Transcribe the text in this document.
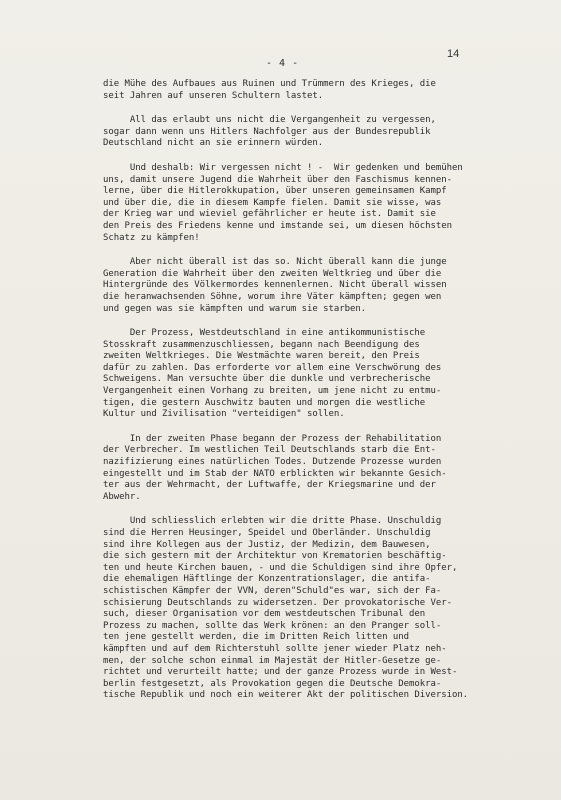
14
- 4 -
die Mühe des Aufbaues aus Ruinen und Trümmern des Krieges, die
seit Jahren auf unseren Schultern lastet.
All das erlaubt uns nicht die Vergangenheit zu vergessen,
sogar dann wenn uns Hitlers Nachfolger aus der Bundesrepublik
Deutschland nicht an sie erinnern würden.
Und deshalb: Wir vergessen nicht ! -  Wir gedenken und bemühen
uns, damit unsere Jugend die Wahrheit über den Faschismus kennen-
lerne, über die Hitlerokkupation, über unseren gemeinsamen Kampf
und über die, die in diesem Kampfe fielen. Damit sie wisse, was
der Krieg war und wieviel gefährlicher er heute ist. Damit sie
den Preis des Friedens kenne und imstande sei, um diesen höchsten
Schatz zu kämpfen!
Aber nicht überall ist das so. Nicht überall kann die junge
Generation die Wahrheit über den zweiten Weltkrieg und über die
Hintergründe des Völkermordes kennenlernen. Nicht überall wissen
die heranwachsenden Söhne, worum ihre Väter kämpften; gegen wen
und gegen was sie kämpften und warum sie starben.
Der Prozess, Westdeutschland in eine antikommunistische
Stosskraft zusammenzuschliessen, begann nach Beendigung des
zweiten Weltkrieges. Die Westmächte waren bereit, den Preis
dafür zu zahlen. Das erforderte vor allem eine Verschwörung des
Schweigens. Man versuchte über die dunkle und verbrecherische
Vergangenheit einen Vorhang zu breiten, um jene nicht zu entmu-
tigen, die gestern Auschwitz bauten und morgen die westliche
Kultur und Zivilisation "verteidigen" sollen.
In der zweiten Phase begann der Prozess der Rehabilitation
der Verbrecher. Im westlichen Teil Deutschlands starb die Ent-
nazifizierung eines natürlichen Todes. Dutzende Prozesse wurden
eingestellt und im Stab der NATO erblickten wir bekannte Gesich-
ter aus der Wehrmacht, der Luftwaffe, der Kriegsmarine und der
Abwehr.
Und schliesslich erlebten wir die dritte Phase. Unschuldig
sind die Herren Heusinger, Speidel und Oberländer. Unschuldig
sind ihre Kollegen aus der Justiz, der Medizin, dem Bauwesen,
die sich gestern mit der Architektur von Krematorien beschäftig-
ten und heute Kirchen bauen, - und die Schuldigen sind ihre Opfer,
die ehemaligen Häftlinge der Konzentrationslager, die antifa-
schistischen Kämpfer der VVN, deren"Schuld"es war, sich der Fa-
schisierung Deutschlands zu widersetzen. Der provokatorische Ver-
such, dieser Organisation vor dem westdeutschen Tribunal den
Prozess zu machen, sollte das Werk krönen: an den Pranger soll-
ten jene gestellt werden, die im Dritten Reich litten und
kämpften und auf dem Richterstuhl sollte jener wieder Platz neh-
men, der solche schon einmal im Majestät der Hitler-Gesetze ge-
richtet und verurteilt hatte; und der ganze Prozess wurde in West-
berlin festgesetzt, als Provokation gegen die Deutsche Demokra-
tische Republik und noch ein weiterer Akt der politischen Diversion.
